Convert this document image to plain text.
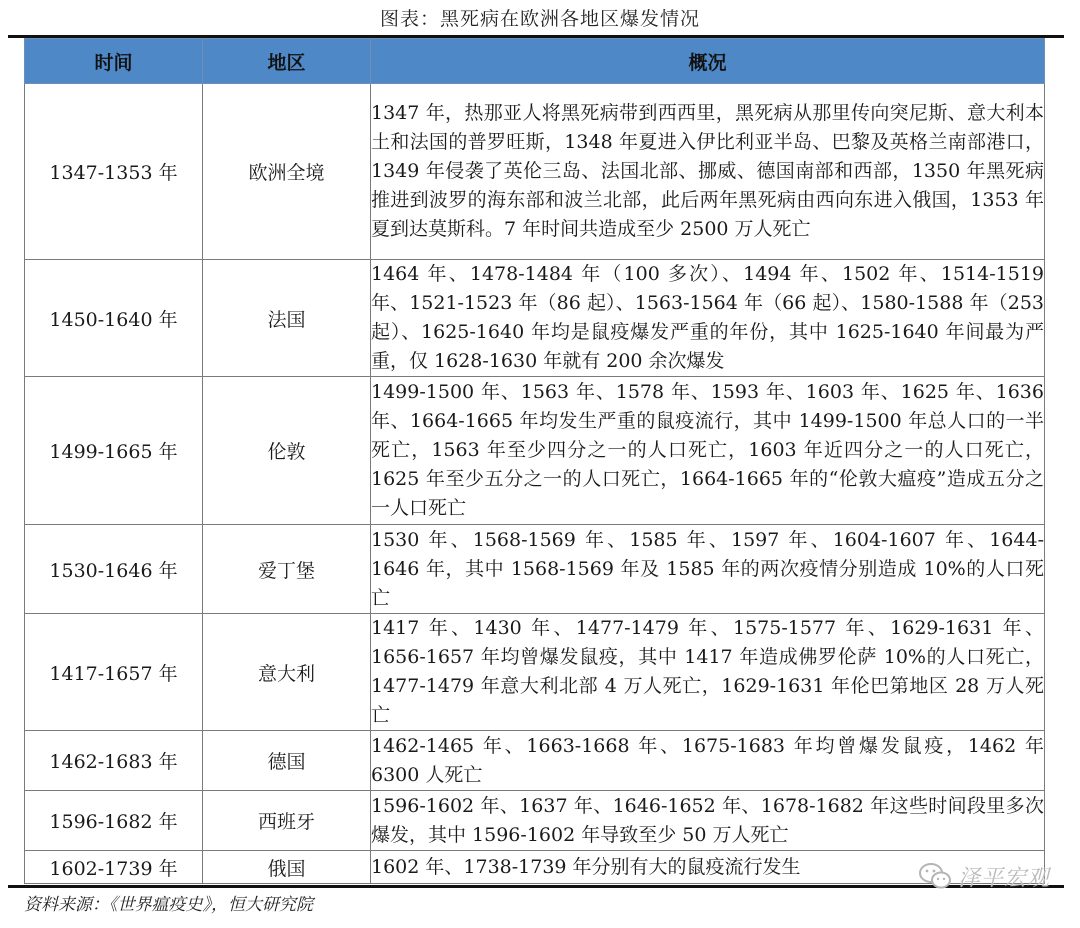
图表：黑死病在欧洲各地区爆发情况
时间	地区	概况
1347-1353 年	欧洲全境	1347 年，热那亚人将黑死病带到西西里，黑死病从那里传向突尼斯、意大利本土和法国的普罗旺斯，1348 年夏进入伊比利亚半岛、巴黎及英格兰南部港口，1349 年侵袭了英伦三岛、法国北部、挪威、德国南部和西部，1350 年黑死病推进到波罗的海东部和波兰北部，此后两年黑死病由西向东进入俄国，1353 年夏到达莫斯科。7 年时间共造成至少 2500 万人死亡
1450-1640 年	法国	1464 年、1478-1484 年（100 多次）、1494 年、1502 年、1514-1519 年、1521-1523 年（86 起）、1563-1564 年（66 起）、1580-1588 年（253 起）、1625-1640 年均是鼠疫爆发严重的年份，其中 1625-1640 年间最为严重，仅 1628-1630 年就有 200 余次爆发
1499-1665 年	伦敦	1499-1500 年、1563 年、1578 年、1593 年、1603 年、1625 年、1636 年、1664-1665 年均发生严重的鼠疫流行，其中 1499-1500 年总人口的一半死亡，1563 年至少四分之一的人口死亡，1603 年近四分之一的人口死亡，1625 年至少五分之一的人口死亡，1664-1665 年的“伦敦大瘟疫”造成五分之一人口死亡
1530-1646 年	爱丁堡	1530 年、1568-1569 年、1585 年、1597 年、1604-1607 年、1644-1646 年，其中 1568-1569 年及 1585 年的两次疫情分别造成 10%的人口死亡
1417-1657 年	意大利	1417 年、1430 年、1477-1479 年、1575-1577 年、1629-1631 年、1656-1657 年均曾爆发鼠疫，其中 1417 年造成佛罗伦萨 10%的人口死亡，1477-1479 年意大利北部 4 万人死亡，1629-1631 年伦巴第地区 28 万人死亡
1462-1683 年	德国	1462-1465 年、1663-1668 年、1675-1683 年均曾爆发鼠疫，1462 年 6300 人死亡
1596-1682 年	西班牙	1596-1602 年、1637 年、1646-1652 年、1678-1682 年这些时间段里多次爆发，其中 1596-1602 年导致至少 50 万人死亡
1602-1739 年	俄国	1602 年、1738-1739 年分别有大的鼠疫流行发生	泽平宏观
资料来源：《世界瘟疫史》，恒大研究院
